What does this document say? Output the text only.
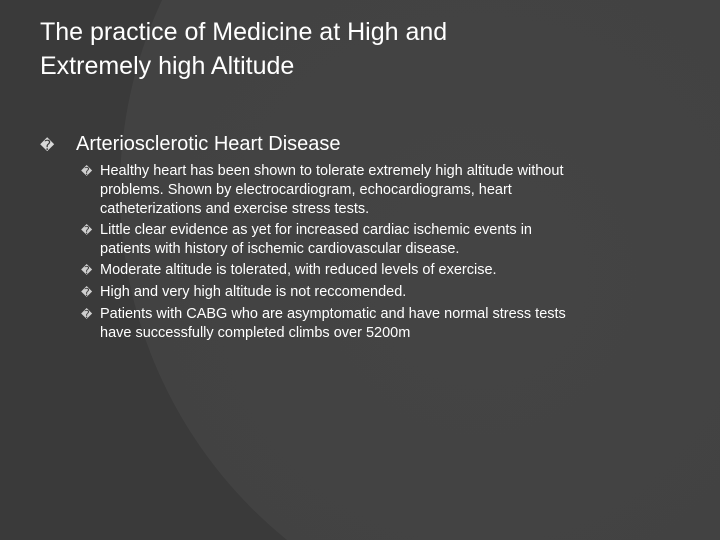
The practice of Medicine at High and
Extremely high Altitude
�	Arteriosclerotic Heart Disease
� Healthy heart has been shown to tolerate extremely high altitude without
problems. Shown by electrocardiogram, echocardiograms, heart
catheterizations and exercise stress tests.
� Little clear evidence as yet for increased cardiac ischemic events in
patients with history of ischemic cardiovascular disease.
� Moderate altitude is tolerated, with reduced levels of exercise.
� High and very high altitude is not reccomended.
� Patients with CABG who are asymptomatic and have normal stress tests
have successfully completed climbs over 5200m
